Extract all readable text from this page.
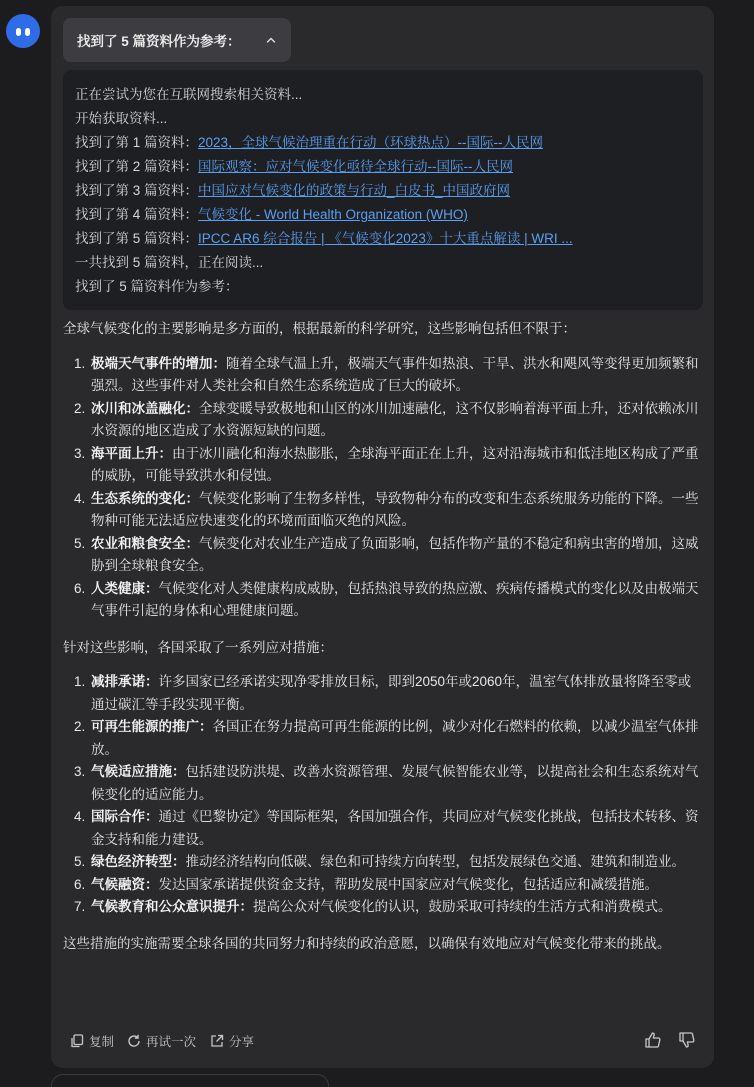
找到了 5 篇资料作为参考：
正在尝试为您在互联网搜索相关资料...
开始获取资料...
找到了第 1 篇资料：2023，全球气候治理重在行动（环球热点）--国际--人民网
找到了第 2 篇资料：国际观察：应对气候变化亟待全球行动--国际--人民网
找到了第 3 篇资料：中国应对气候变化的政策与行动_白皮书_中国政府网
找到了第 4 篇资料：气候变化 - World Health Organization (WHO)
找到了第 5 篇资料：IPCC AR6 综合报告 | 《气候变化2023》十大重点解读 | WRI ...
一共找到 5 篇资料，正在阅读...
找到了 5 篇资料作为参考：

全球气候变化的主要影响是多方面的，根据最新的科学研究，这些影响包括但不限于：

1. 极端天气事件的增加：随着全球气温上升，极端天气事件如热浪、干旱、洪水和飓风等变得更加频繁和强烈。这些事件对人类社会和自然生态系统造成了巨大的破坏。
2. 冰川和冰盖融化：全球变暖导致极地和山区的冰川加速融化，这不仅影响着海平面上升，还对依赖冰川水资源的地区造成了水资源短缺的问题。
3. 海平面上升：由于冰川融化和海水热膨胀，全球海平面正在上升，这对沿海城市和低洼地区构成了严重的威胁，可能导致洪水和侵蚀。
4. 生态系统的变化：气候变化影响了生物多样性，导致物种分布的改变和生态系统服务功能的下降。一些物种可能无法适应快速变化的环境而面临灭绝的风险。
5. 农业和粮食安全：气候变化对农业生产造成了负面影响，包括作物产量的不稳定和病虫害的增加，这威胁到全球粮食安全。
6. 人类健康：气候变化对人类健康构成威胁，包括热浪导致的热应激、疾病传播模式的变化以及由极端天气事件引起的身体和心理健康问题。

针对这些影响，各国采取了一系列应对措施：

1. 减排承诺：许多国家已经承诺实现净零排放目标，即到2050年或2060年，温室气体排放量将降至零或通过碳汇等手段实现平衡。
2. 可再生能源的推广：各国正在努力提高可再生能源的比例，减少对化石燃料的依赖，以减少温室气体排放。
3. 气候适应措施：包括建设防洪堤、改善水资源管理、发展气候智能农业等，以提高社会和生态系统对气候变化的适应能力。
4. 国际合作：通过《巴黎协定》等国际框架，各国加强合作，共同应对气候变化挑战，包括技术转移、资金支持和能力建设。
5. 绿色经济转型：推动经济结构向低碳、绿色和可持续方向转型，包括发展绿色交通、建筑和制造业。
6. 气候融资：发达国家承诺提供资金支持，帮助发展中国家应对气候变化，包括适应和减缓措施。
7. 气候教育和公众意识提升：提高公众对气候变化的认识，鼓励采取可持续的生活方式和消费模式。

这些措施的实施需要全球各国的共同努力和持续的政治意愿，以确保有效地应对气候变化带来的挑战。

复制	再试一次	分享
